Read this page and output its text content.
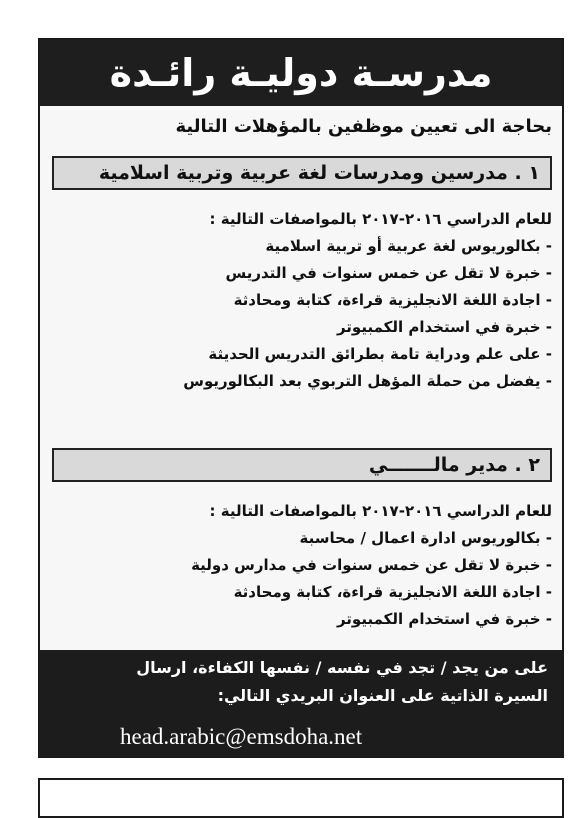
مدرسـة دوليـة رائـدة
بحاجة الى تعيين موظفين بالمؤهلات التالية
١ . مدرسين ومدرسات لغة عربية وتربية اسلامية
للعام الدراسي ٢٠١٦-٢٠١٧ بالمواصفات التالية :
- بكالوريوس لغة عربية أو تربية اسلامية
- خبرة لا تقل عن خمس سنوات في التدريس
- اجادة اللغة الانجليزية قراءة، كتابة ومحادثة
- خبرة في استخدام الكمبيوتر
- على علم ودراية تامة بطرائق التدريس الحديثة
- يفضل من حملة المؤهل التربوي بعد البكالوريوس
٢ . مدير مالـــــــي
للعام الدراسي ٢٠١٦-٢٠١٧ بالمواصفات التالية :
- بكالوريوس ادارة اعمال / محاسبة
- خبرة لا تقل عن خمس سنوات في مدارس دولية
- اجادة اللغة الانجليزية قراءة، كتابة ومحادثة
- خبرة في استخدام الكمبيوتر
على من يجد / تجد في نفسه / نفسها الكفاءة، ارسال
السيرة الذاتية على العنوان البريدي التالي:
head.arabic@emsdoha.net
